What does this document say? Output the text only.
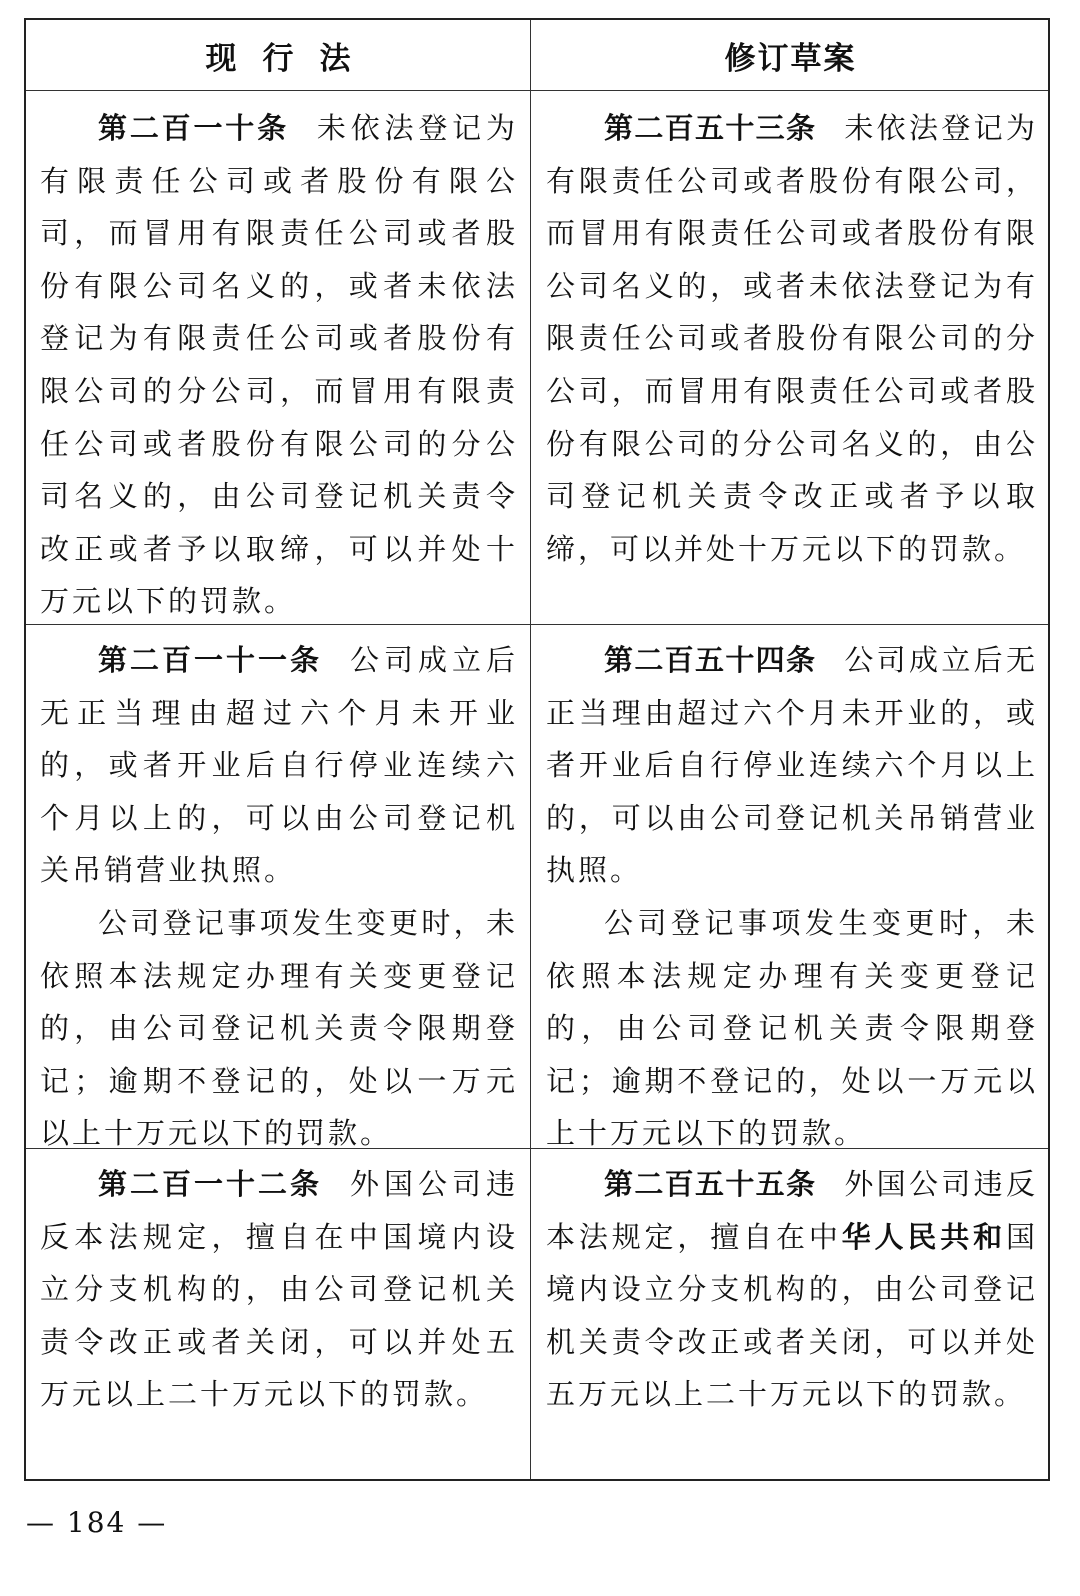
现行法	修订草案

第二百一十条 未依法登记为有限责任公司或者股份有限公司，而冒用有限责任公司或者股份有限公司名义的，或者未依法登记为有限责任公司或者股份有限公司的分公司，而冒用有限责任公司或者股份有限公司的分公司名义的，由公司登记机关责令改正或者予以取缔，可以并处十万元以下的罚款。

第二百五十三条 未依法登记为有限责任公司或者股份有限公司，而冒用有限责任公司或者股份有限公司名义的，或者未依法登记为有限责任公司或者股份有限公司的分公司，而冒用有限责任公司或者股份有限公司的分公司名义的，由公司登记机关责令改正或者予以取缔，可以并处十万元以下的罚款。

第二百一十一条 公司成立后无正当理由超过六个月未开业的，或者开业后自行停业连续六个月以上的，可以由公司登记机关吊销营业执照。

公司登记事项发生变更时，未依照本法规定办理有关变更登记的，由公司登记机关责令限期登记；逾期不登记的，处以一万元以上十万元以下的罚款。

第二百五十四条 公司成立后无正当理由超过六个月未开业的，或者开业后自行停业连续六个月以上的，可以由公司登记机关吊销营业执照。

公司登记事项发生变更时，未依照本法规定办理有关变更登记的，由公司登记机关责令限期登记；逾期不登记的，处以一万元以上十万元以下的罚款。

第二百一十二条 外国公司违反本法规定，擅自在中国境内设立分支机构的，由公司登记机关责令改正或者关闭，可以并处五万元以上二十万元以下的罚款。

第二百五十五条 外国公司违反本法规定，擅自在中华人民共和国境内设立分支机构的，由公司登记机关责令改正或者关闭，可以并处五万元以上二十万元以下的罚款。

— 184 —
